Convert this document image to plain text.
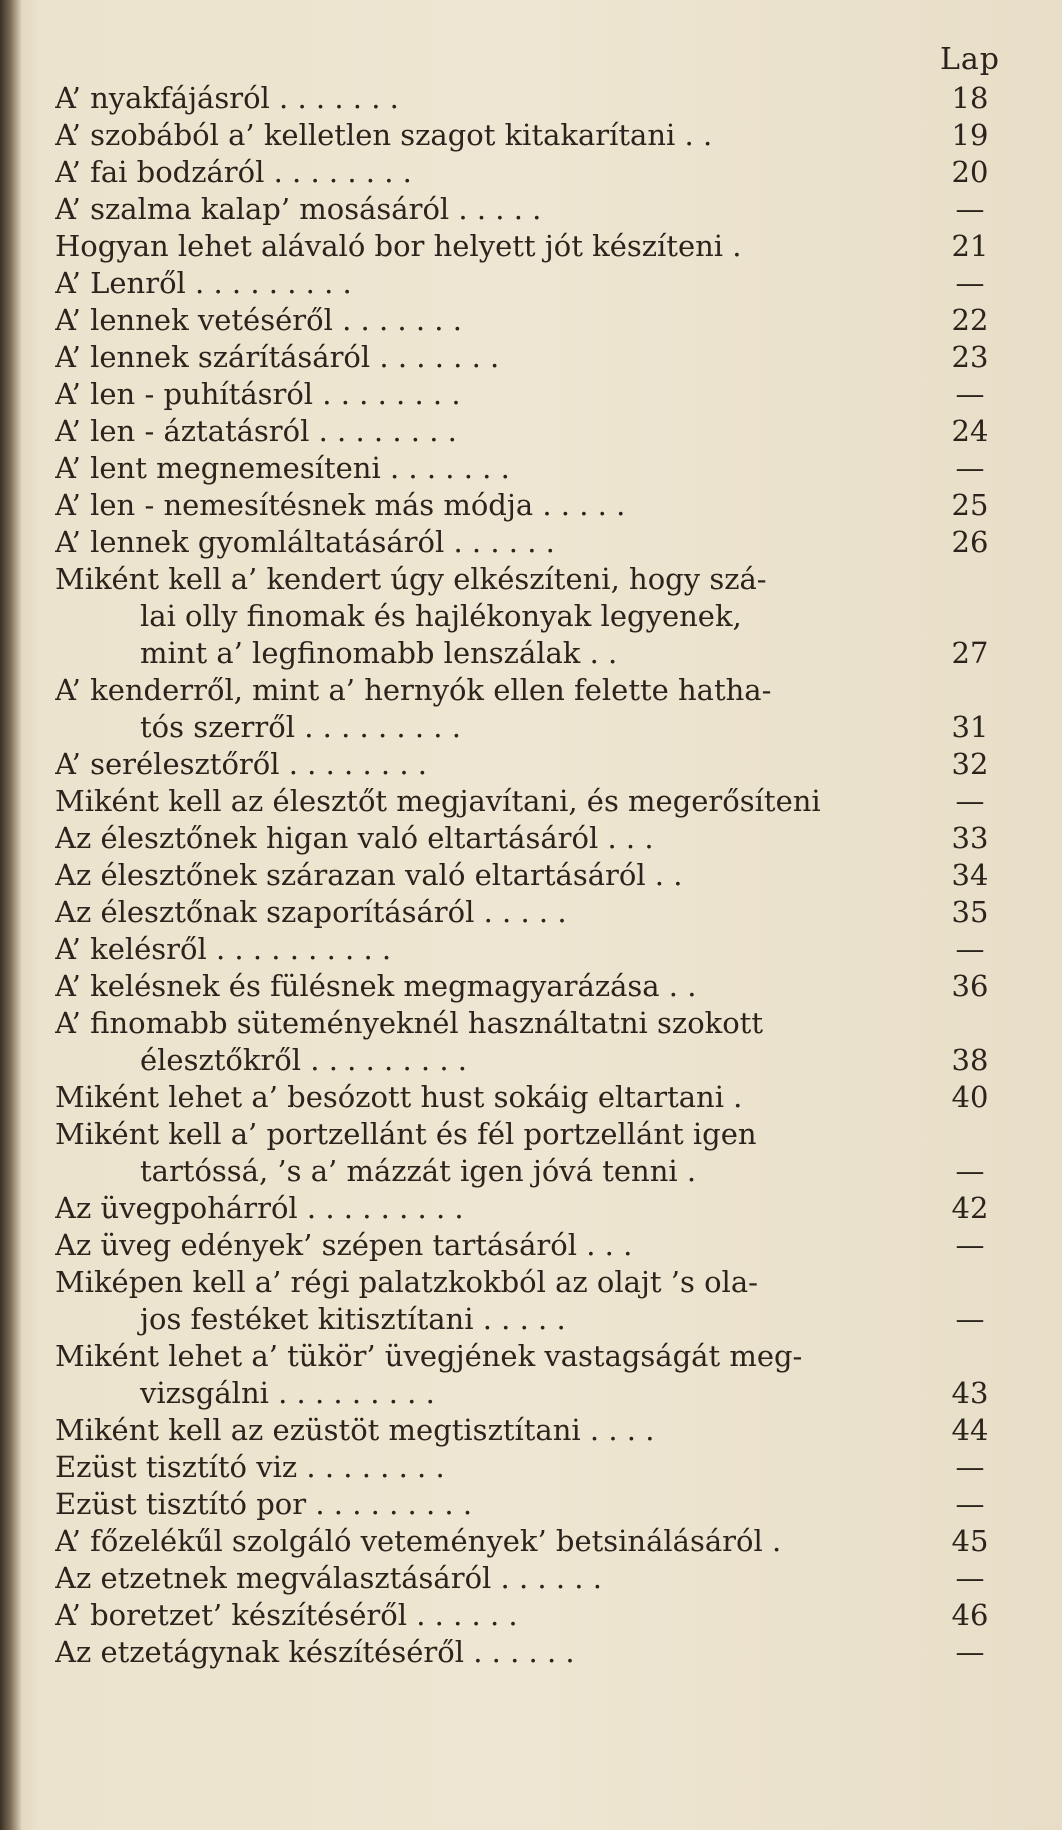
Lap
A’ nyakfájásról . . . . . . .	18
A’ szobából a’ kelletlen szagot kitakarítani . .	19
A’ fai bodzáról . . . . . . . .	20
A’ szalma kalap’ mosásáról . . . . .	—
Hogyan lehet alávaló bor helyett jót készíteni .	21
A’ Lenről . . . . . . . . .	—
A’ lennek vetéséről . . . . . . .	22
A’ lennek szárításáról . . . . . . .	23
A’ len - puhításról . . . . . . . .	—
A’ len - áztatásról . . . . . . . .	24
A’ lent megnemesíteni . . . . . . .	—
A’ len - nemesítésnek más módja . . . . .	25
A’ lennek gyomláltatásáról . . . . . .	26
Miként kell a’ kendert úgy elkészíteni, hogy szá-
lai olly finomak és hajlékonyak legyenek,
mint a’ legfinomabb lenszálak . .	27
A’ kenderről, mint a’ hernyók ellen felette hatha-
tós szerről . . . . . . . . .	31
A’ serélesztőről . . . . . . . .	32
Miként kell az élesztőt megjavítani, és megerősíteni	—
Az élesztőnek higan való eltartásáról . . .	33
Az élesztőnek szárazan való eltartásáról . .	34
Az élesztőnak szaporításáról . . . . .	35
A’ kelésről . . . . . . . . . .	—
A’ kelésnek és fülésnek megmagyarázása . .	36
A’ finomabb süteményeknél használtatni szokott
élesztőkről . . . . . . . . .	38
Miként lehet a’ besózott hust sokáig eltartani .	40
Miként kell a’ portzellánt és fél portzellánt igen
tartóssá, ’s a’ mázzát igen jóvá tenni .	—
Az üvegpohárról . . . . . . . . .	42
Az üveg edények’ szépen tartásáról . . .	—
Miképen kell a’ régi palatzkokból az olajt ’s ola-
jos festéket kitisztítani . . . . .	—
Miként lehet a’ tükör’ üvegjének vastagságát meg-
vizsgálni . . . . . . . . .	43
Miként kell az ezüstöt megtisztítani . . . .	44
Ezüst tisztító viz . . . . . . . .	—
Ezüst tisztító por . . . . . . . . .	—
A’ főzelékűl szolgáló vetemények’ betsinálásáról .	45
Az etzetnek megválasztásáról . . . . . .	—
A’ boretzet’ készítéséről . . . . . .	46
Az etzetágynak készítéséről . . . . . .	—
